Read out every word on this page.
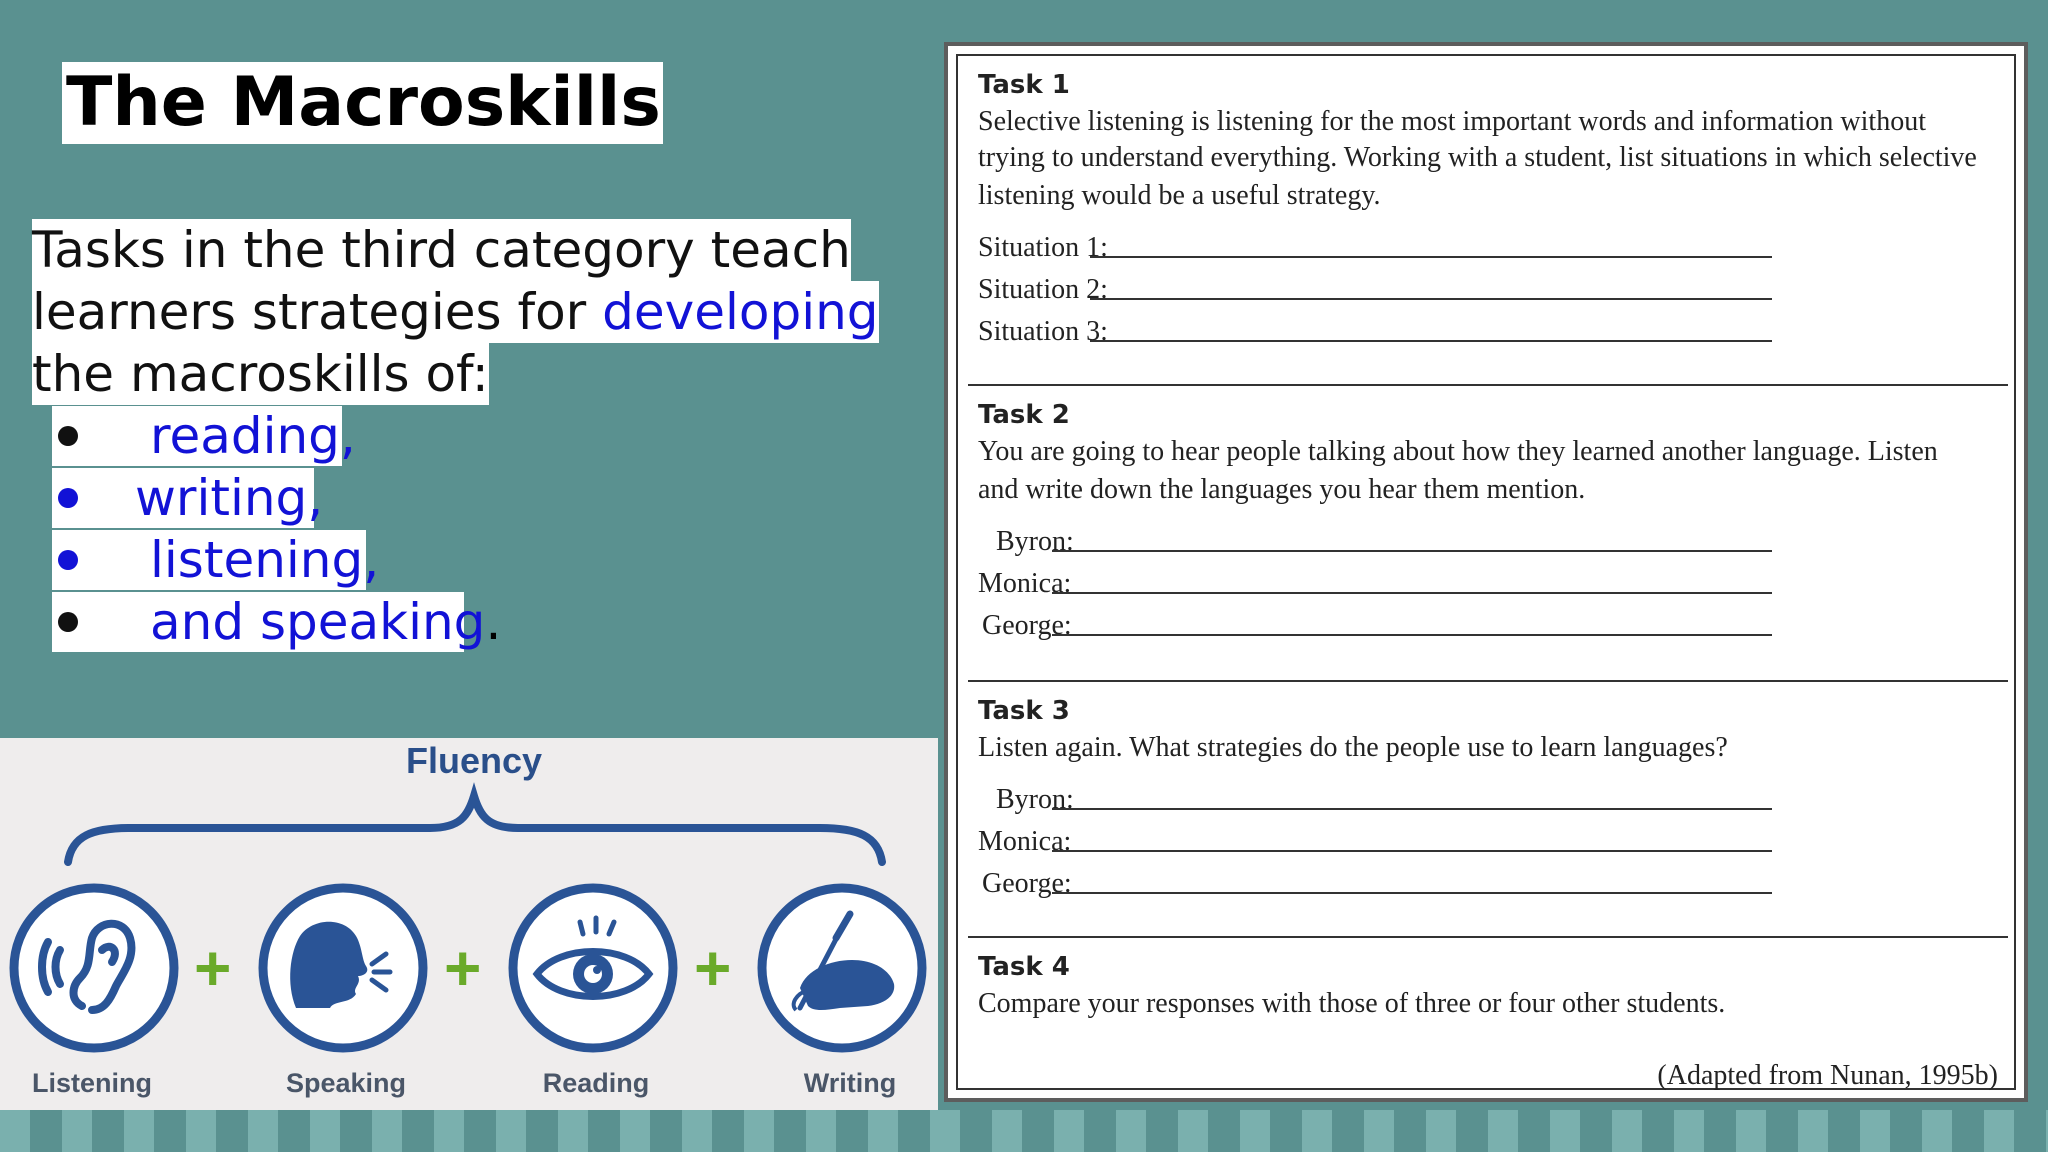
The Macroskills
Tasks in the third category teach
learners strategies for developing
the macroskills of:
reading,
writing,
listening,
and speaking.
Fluency
+	+	+
Listening	Speaking	Reading	Writing
Task 1
Selective listening is listening for the most important words and information without
trying to understand everything. Working with a student, list situations in which selective
listening would be a useful strategy.
Situation 1:
Situation 2:
Situation 3:
Task 2
You are going to hear people talking about how they learned another language. Listen
and write down the languages you hear them mention.
Byron:
Monica:
George:
Task 3
Listen again. What strategies do the people use to learn languages?
Byron:
Monica:
George:
Task 4
Compare your responses with those of three or four other students.
(Adapted from Nunan, 1995b)
